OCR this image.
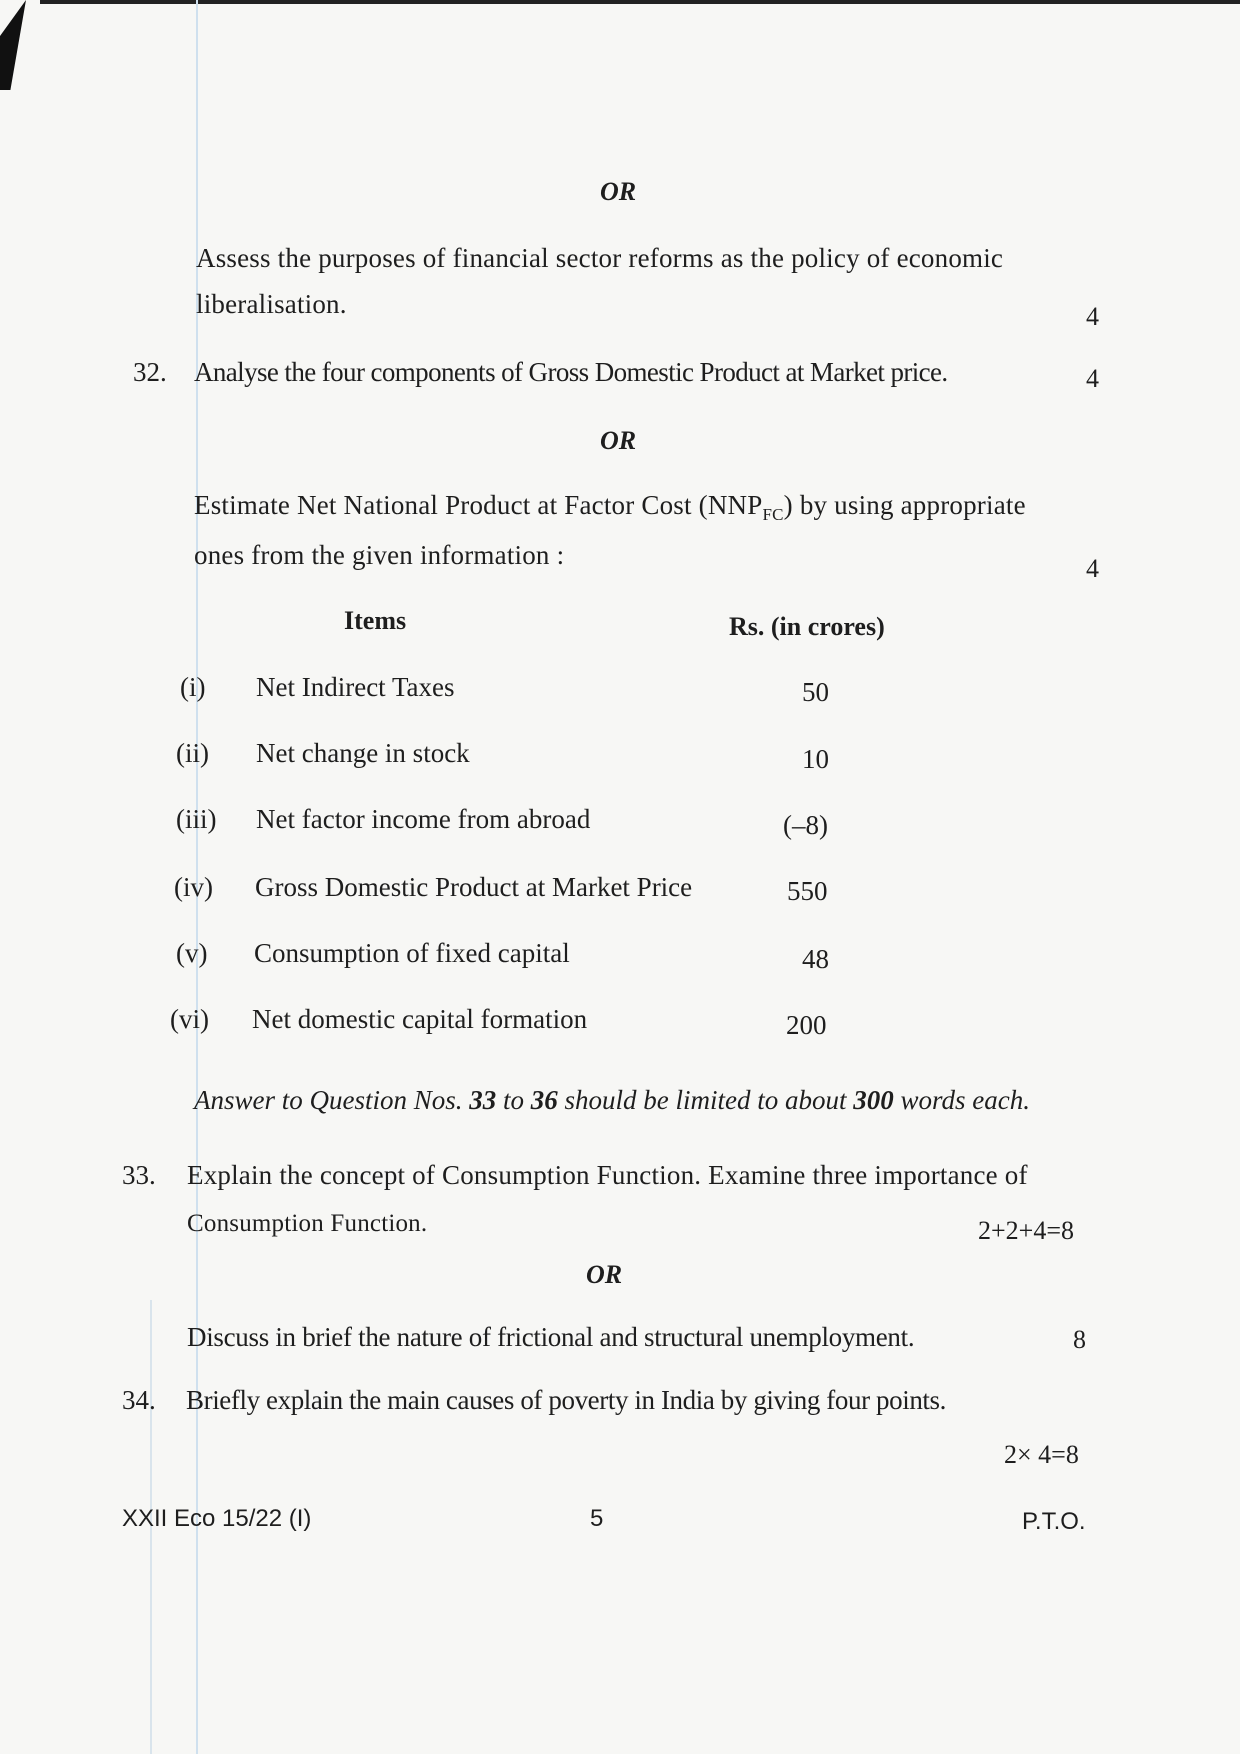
OR
Assess the purposes of financial sector reforms as the policy of economic
liberalisation.	4
32. Analyse the four components of Gross Domestic Product at Market price.	4
OR
Estimate Net National Product at Factor Cost $(NNP_{FC})$ by using appropriate
ones from the given information :	4
Items	Rs. (in crores)
(i) Net Indirect Taxes	50
(ii) Net change in stock	10
(iii) Net factor income from abroad	(–8)
(iv) Gross Domestic Product at Market Price	550
(v) Consumption of fixed capital	48
(vi) Net domestic capital formation	200
Answer to Question Nos. 33 to 36 should be limited to about 300 words each.
33. Explain the concept of Consumption Function. Examine three importance of
Consumption Function.	2+2+4=8
OR
Discuss in brief the nature of frictional and structural unemployment.	8
34. Briefly explain the main causes of poverty in India by giving four points.
2× 4=8
XXII Eco 15/22 (I)	5	P.T.O.
